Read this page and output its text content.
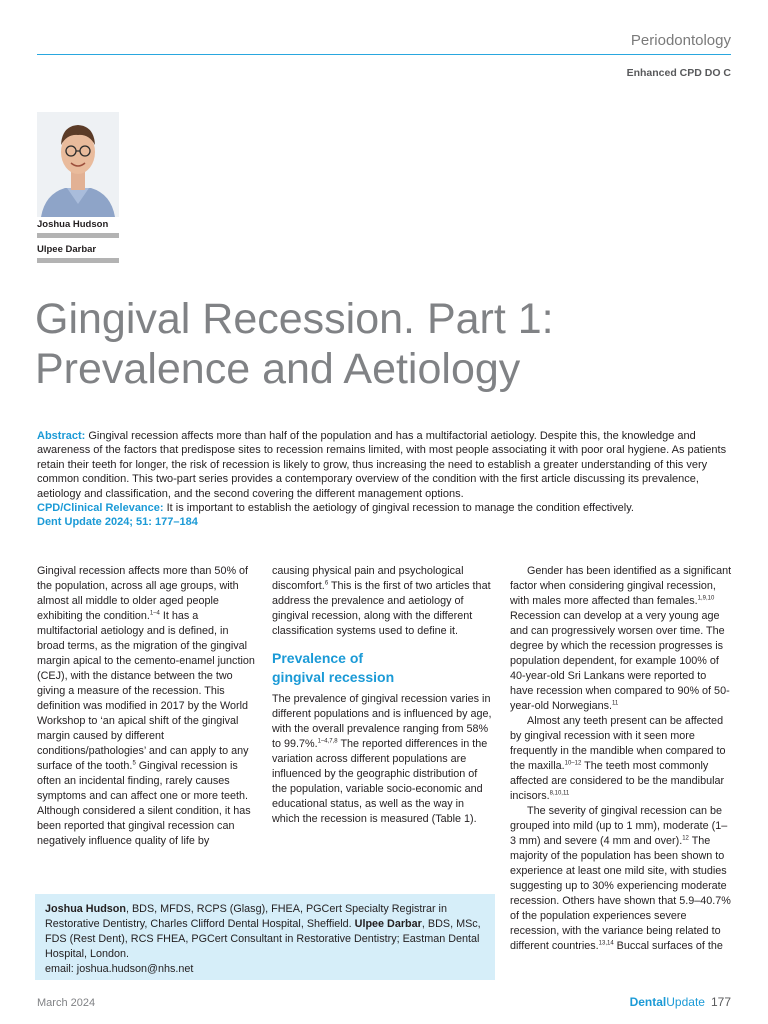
Periodontology
Enhanced CPD DO C
Joshua Hudson
Ulpee Darbar
Gingival Recession. Part 1:
Prevalence and Aetiology

Abstract: Gingival recession affects more than half of the population and has a multifactorial aetiology. Despite this, the knowledge and awareness of the factors that predispose sites to recession remains limited, with most people associating it with poor oral hygiene. As patients retain their teeth for longer, the risk of recession is likely to grow, thus increasing the need to establish a greater understanding of this very common condition. This two-part series provides a contemporary overview of the condition with the first article discussing its prevalence, aetiology and classification, and the second covering the different management options.

CPD/Clinical Relevance: It is important to establish the aetiology of gingival recession to manage the condition effectively.

Dent Update 2024; 51: 177–184

Gingival recession affects more than 50% of the population, across all age groups, with almost all middle to older aged people exhibiting the condition.$^{1-4}$ It has a multifactorial aetiology and is defined, in broad terms, as the migration of the gingival margin apical to the cemento-enamel junction (CEJ), with the distance between the two giving a measure of the recession. This definition was modified in 2017 by the World Workshop to ‘an apical shift of the gingival margin caused by different conditions/pathologies’ and can apply to any surface of the tooth.$^5$ Gingival recession is often an incidental finding, rarely causes symptoms and can affect one or more teeth. Although considered a silent condition, it has been reported that gingival recession can negatively influence quality of life by

causing physical pain and psychological discomfort.$^6$ This is the first of two articles that address the prevalence and aetiology of gingival recession, along with the different classification systems used to define it.

Prevalence of
gingival recession

The prevalence of gingival recession varies in different populations and is influenced by age, with the overall prevalence ranging from 58% to 99.7%.$^{1-4,7,8}$ The reported differences in the variation across different populations are influenced by the geographic distribution of the population, variable socio-economic and educational status, as well as the way in which the recession is measured (Table 1).

Gender has been identified as a significant factor when considering gingival recession, with males more affected than females.$^{1,9,10}$ Recession can develop at a very young age and can progressively worsen over time. The degree by which the recession progresses is population dependent, for example 100% of 40-year-old Sri Lankans were reported to have recession when compared to 90% of 50-year-old Norwegians.$^{11}$

Almost any teeth present can be affected by gingival recession with it seen more frequently in the mandible when compared to the maxilla.$^{10-12}$ The teeth most commonly affected are considered to be the mandibular incisors.$^{8,10,11}$

The severity of gingival recession can be grouped into mild (up to 1 mm), moderate (1–3 mm) and severe (4 mm and over).$^{12}$ The majority of the population has been shown to experience at least one mild site, with studies suggesting up to 30% experiencing moderate recession. Others have shown that 5.9–40.7% of the population experiences severe recession, with the variance being related to different countries.$^{13,14}$ Buccal surfaces of the

Joshua Hudson, BDS, MFDS, RCPS (Glasg), FHEA, PGCert Specialty Registrar in Restorative Dentistry, Charles Clifford Dental Hospital, Sheffield. Ulpee Darbar, BDS, MSc, FDS (Rest Dent), RCS FHEA, PGCert Consultant in Restorative Dentistry; Eastman Dental Hospital, London.

email: joshua.hudson@nhs.net

March 2024	DentalUpdate 177
